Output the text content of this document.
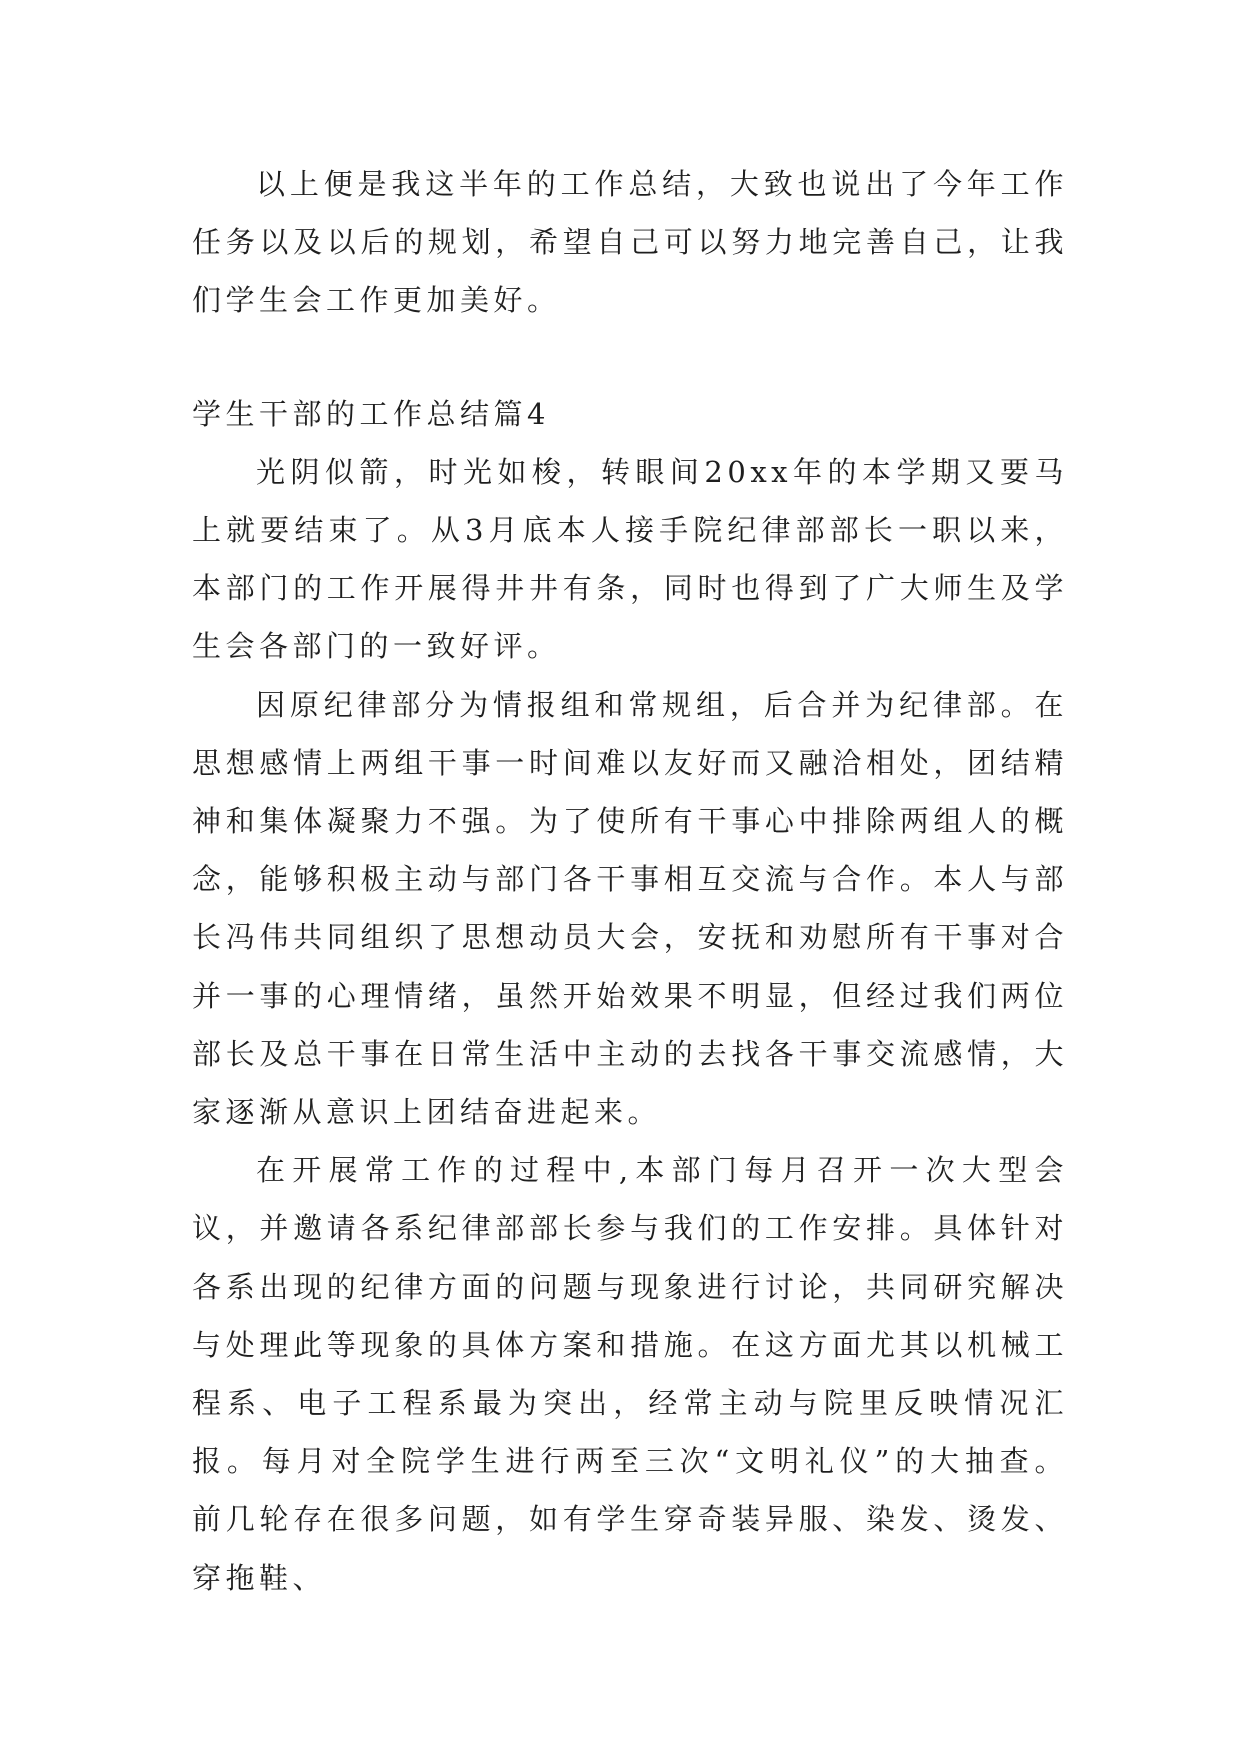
以上便是我这半年的工作总结，大致也说出了今年工作任务以及以后的规划，希望自己可以努力地完善自己，让我们学生会工作更加美好。

学生干部的工作总结篇4

光阴似箭，时光如梭，转眼间20xx年的本学期又要马上就要结束了。从3月底本人接手院纪律部部长一职以来，本部门的工作开展得井井有条，同时也得到了广大师生及学生会各部门的一致好评。

因原纪律部分为情报组和常规组，后合并为纪律部。在思想感情上两组干事一时间难以友好而又融洽相处，团结精神和集体凝聚力不强。为了使所有干事心中排除两组人的概念，能够积极主动与部门各干事相互交流与合作。本人与部长冯伟共同组织了思想动员大会，安抚和劝慰所有干事对合并一事的心理情绪，虽然开始效果不明显，但经过我们两位部长及总干事在日常生活中主动的去找各干事交流感情，大家逐渐从意识上团结奋进起来。

在开展常工作的过程中,本部门每月召开一次大型会议，并邀请各系纪律部部长参与我们的工作安排。具体针对各系出现的纪律方面的问题与现象进行讨论，共同研究解决与处理此等现象的具体方案和措施。在这方面尤其以机械工程系、电子工程系最为突出，经常主动与院里反映情况汇报。每月对全院学生进行两至三次“文明礼仪”的大抽查。前几轮存在很多问题，如有学生穿奇装异服、染发、烫发、穿拖鞋、
